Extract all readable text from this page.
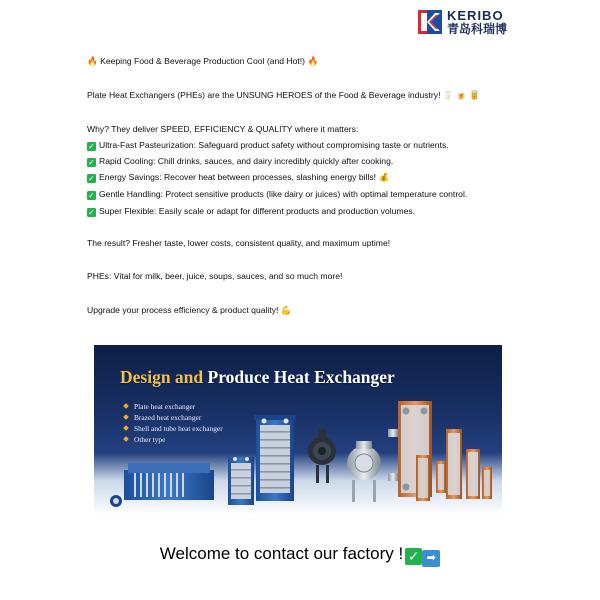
KERIBO
青岛科瑞博
🔥 Keeping Food & Beverage Production Cool (and Hot!) 🔥
Plate Heat Exchangers (PHEs) are the UNSUNG HEROES of the Food & Beverage industry! 🥛 🍺 🥫
Why? They deliver SPEED, EFFICIENCY & QUALITY where it matters:
✓ Ultra-Fast Pasteurization: Safeguard product safety without compromising taste or nutrients.
✓ Rapid Cooling: Chill drinks, sauces, and dairy incredibly quickly after cooking.
✓ Energy Savings: Recover heat between processes, slashing energy bills! 💰
✓ Gentle Handling: Protect sensitive products (like dairy or juices) with optimal temperature control.
✓ Super Flexible: Easily scale or adapt for different products and production volumes.
The result? Fresher taste, lower costs, consistent quality, and maximum uptime!
PHEs: Vital for milk, beer, juice, soups, sauces, and so much more!
Upgrade your process efficiency & product quality! 💪
Design and Produce Heat Exchanger
Plate heat exchanger
Brazed heat exchanger
Shell and tube heat exchanger
Other type
Welcome to contact our factory ! ✓ ➡
